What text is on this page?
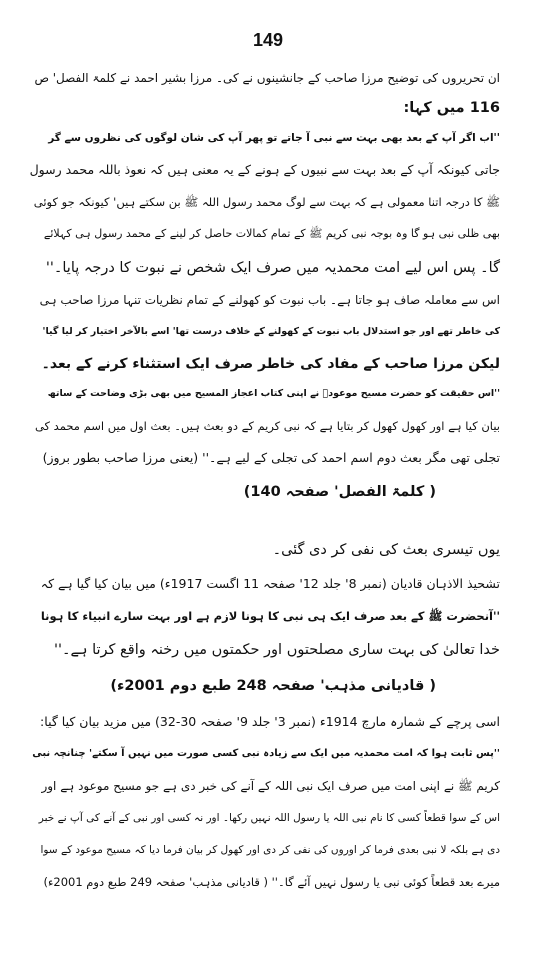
149
ان تحریروں کی توضیح مرزا صاحب کے جانشینوں نے کی۔ مرزا بشیر احمد نے کلمۃ الفصل' ص
116 میں کہا:
''اب اگر آپ کے بعد بھی بہت سے نبی آ جاتے تو پھر آپ کی شان لوگوں کی نظروں سے گر
جاتی کیونکہ آپ کے بعد بہت سے نبیوں کے ہونے کے یہ معنی ہیں کہ نعوذ باللہ محمد رسول
ﷺ کا درجہ اتنا معمولی ہے کہ بہت سے لوگ محمد رسول اللہ ﷺ بن سکتے ہیں' کیونکہ جو کوئی
بھی ظلی نبی ہو گا وہ بوجہ نبی کریم ﷺ کے تمام کمالات حاصل کر لینے کے محمد رسول ہی کہلائے
گا۔ پس اس لیے امت محمدیہ میں صرف ایک شخص نے نبوت کا درجہ پایا۔''
اس سے معاملہ صاف ہو جاتا ہے۔ باب نبوت کو کھولنے کے تمام نظریات تنہا مرزا صاحب ہی
کی خاطر تھے اور جو استدلال باب نبوت کے کھولنے کے خلاف درست تھا' اسے بالآخر اختیار کر لیا گیا'
لیکن مرزا صاحب کے مفاد کی خاطر صرف ایک استثناء کرنے کے بعد۔
''اس حقیقت کو حضرت مسیح موعودؑ نے اپنی کتاب اعجاز المسیح میں بھی بڑی وضاحت کے ساتھ
بیان کیا ہے اور کھول کھول کر بتایا ہے کہ نبی کریم کے دو بعث ہیں۔ بعث اول میں اسم محمد کی
تجلی تھی مگر بعث دوم اسم احمد کی تجلی کے لیے ہے۔'' (یعنی مرزا صاحب بطور بروز)
( کلمۃ الفصل' صفحہ 140)
یوں تیسری بعث کی نفی کر دی گئی۔
تشحیذ الاذہان قادیان (نمبر 8' جلد 12' صفحہ 11 اگست 1917ء) میں بیان کیا گیا ہے کہ
''آنحضرت ﷺ کے بعد صرف ایک ہی نبی کا ہونا لازم ہے اور بہت سارے انبیاء کا ہونا
خدا تعالیٰ کی بہت ساری مصلحتوں اور حکمتوں میں رخنہ واقع کرتا ہے۔''
( قادیانی مذہب' صفحہ 248 طبع دوم 2001ء)
اسی پرچے کے شمارہ مارچ 1914ء (نمبر 3' جلد 9' صفحہ 30-32) میں مزید بیان کیا گیا:
''پس ثابت ہوا کہ امت محمدیہ میں ایک سے زیادہ نبی کسی صورت میں نہیں آ سکتے' چنانچہ نبی
کریم ﷺ نے اپنی امت میں صرف ایک نبی اللہ کے آنے کی خبر دی ہے جو مسیح موعود ہے اور
اس کے سوا قطعاً کسی کا نام نبی اللہ یا رسول اللہ نہیں رکھا۔ اور نہ کسی اور نبی کے آنے کی آپ نے خبر
دی ہے بلکہ لا نبی بعدی فرما کر اوروں کی نفی کر دی اور کھول کر بیان فرما دیا کہ مسیح موعود کے سوا
میرے بعد قطعاً کوئی نبی یا رسول نہیں آئے گا۔'' ( قادیانی مذہب' صفحہ 249 طبع دوم 2001ء)
